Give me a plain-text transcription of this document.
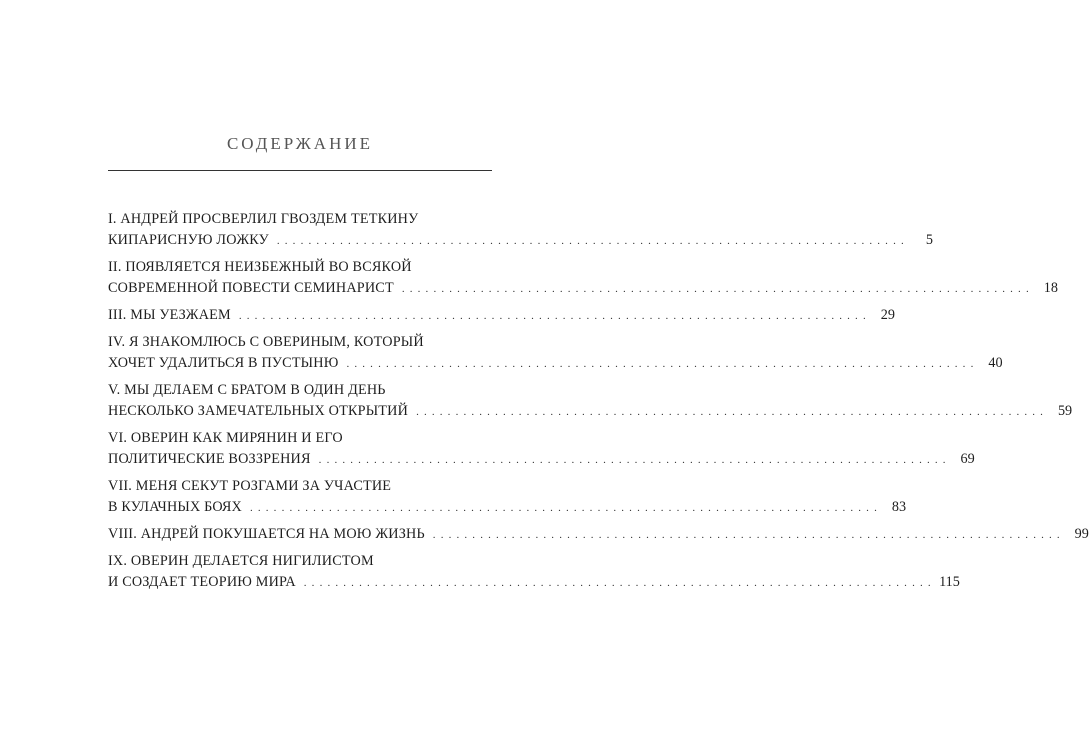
СОДЕРЖАНИЕ
I. АНДРЕЙ ПРОСВЕРЛИЛ ГВОЗДЕМ ТЕТКИНУ
КИПАРИСНУЮ ЛОЖКУ . . . . . . . . . . . . . . . . . . . . . . . . . . . . . . . . . . . . . . . . . . . . . . . . . . . . . . . . . . . . . . . . . . . . . . . . . . . . . . . .	5
II. ПОЯВЛЯЕТСЯ НЕИЗБЕЖНЫЙ ВО ВСЯКОЙ
СОВРЕМЕННОЙ ПОВЕСТИ СЕМИНАРИСТ . . . . . . . . . . . . . . . . . . . . . . . . . . . . . . . . . . . . . . . . . . . . . . . . . . . . . . . . . . . . . . . . . . . . . . . . . . . . . . . . 18
III. МЫ УЕЗЖАЕМ . . . . . . . . . . . . . . . . . . . . . . . . . . . . . . . . . . . . . . . . . . . . . . . . . . . . . . . . . . . . . . . . . . . . . . . . . . . . . . . . 29
IV. Я ЗНАКОМЛЮСЬ С ОВЕРИНЫМ, КОТОРЫЙ
ХОЧЕТ УДАЛИТЬСЯ В ПУСТЫНЮ . . . . . . . . . . . . . . . . . . . . . . . . . . . . . . . . . . . . . . . . . . . . . . . . . . . . . . . . . . . . . . . . . . . . . . . . . . . . . . . . 40
V. МЫ ДЕЛАЕМ С БРАТОМ В ОДИН ДЕНЬ
НЕСКОЛЬКО ЗАМЕЧАТЕЛЬНЫХ ОТКРЫТИЙ . . . . . . . . . . . . . . . . . . . . . . . . . . . . . . . . . . . . . . . . . . . . . . . . . . . . . . . . . . . . . . . . . . . . . . . . . . . . . . . . 59
VI. ОВЕРИН КАК МИРЯНИН И ЕГО
ПОЛИТИЧЕСКИЕ ВОЗЗРЕНИЯ . . . . . . . . . . . . . . . . . . . . . . . . . . . . . . . . . . . . . . . . . . . . . . . . . . . . . . . . . . . . . . . . . . . . . . . . . . . . . . . . 69
VII. МЕНЯ СЕКУТ РОЗГАМИ ЗА УЧАСТИЕ
В КУЛАЧНЫХ БОЯХ . . . . . . . . . . . . . . . . . . . . . . . . . . . . . . . . . . . . . . . . . . . . . . . . . . . . . . . . . . . . . . . . . . . . . . . . . . . . . . . . 83
VIII. АНДРЕЙ ПОКУШАЕТСЯ НА МОЮ ЖИЗНЬ . . . . . . . . . . . . . . . . . . . . . . . . . . . . . . . . . . . . . . . . . . . . . . . . . . . . . . . . . . . . . . . . . . . . . . . . . . . . . . . . 99
IX. ОВЕРИН ДЕЛАЕТСЯ НИГИЛИСТОМ
И СОЗДАЕТ ТЕОРИЮ МИРА . . . . . . . . . . . . . . . . . . . . . . . . . . . . . . . . . . . . . . . . . . . . . . . . . . . . . . . . . . . . . . . . . . . . . . . . . . . . . . . . 115
